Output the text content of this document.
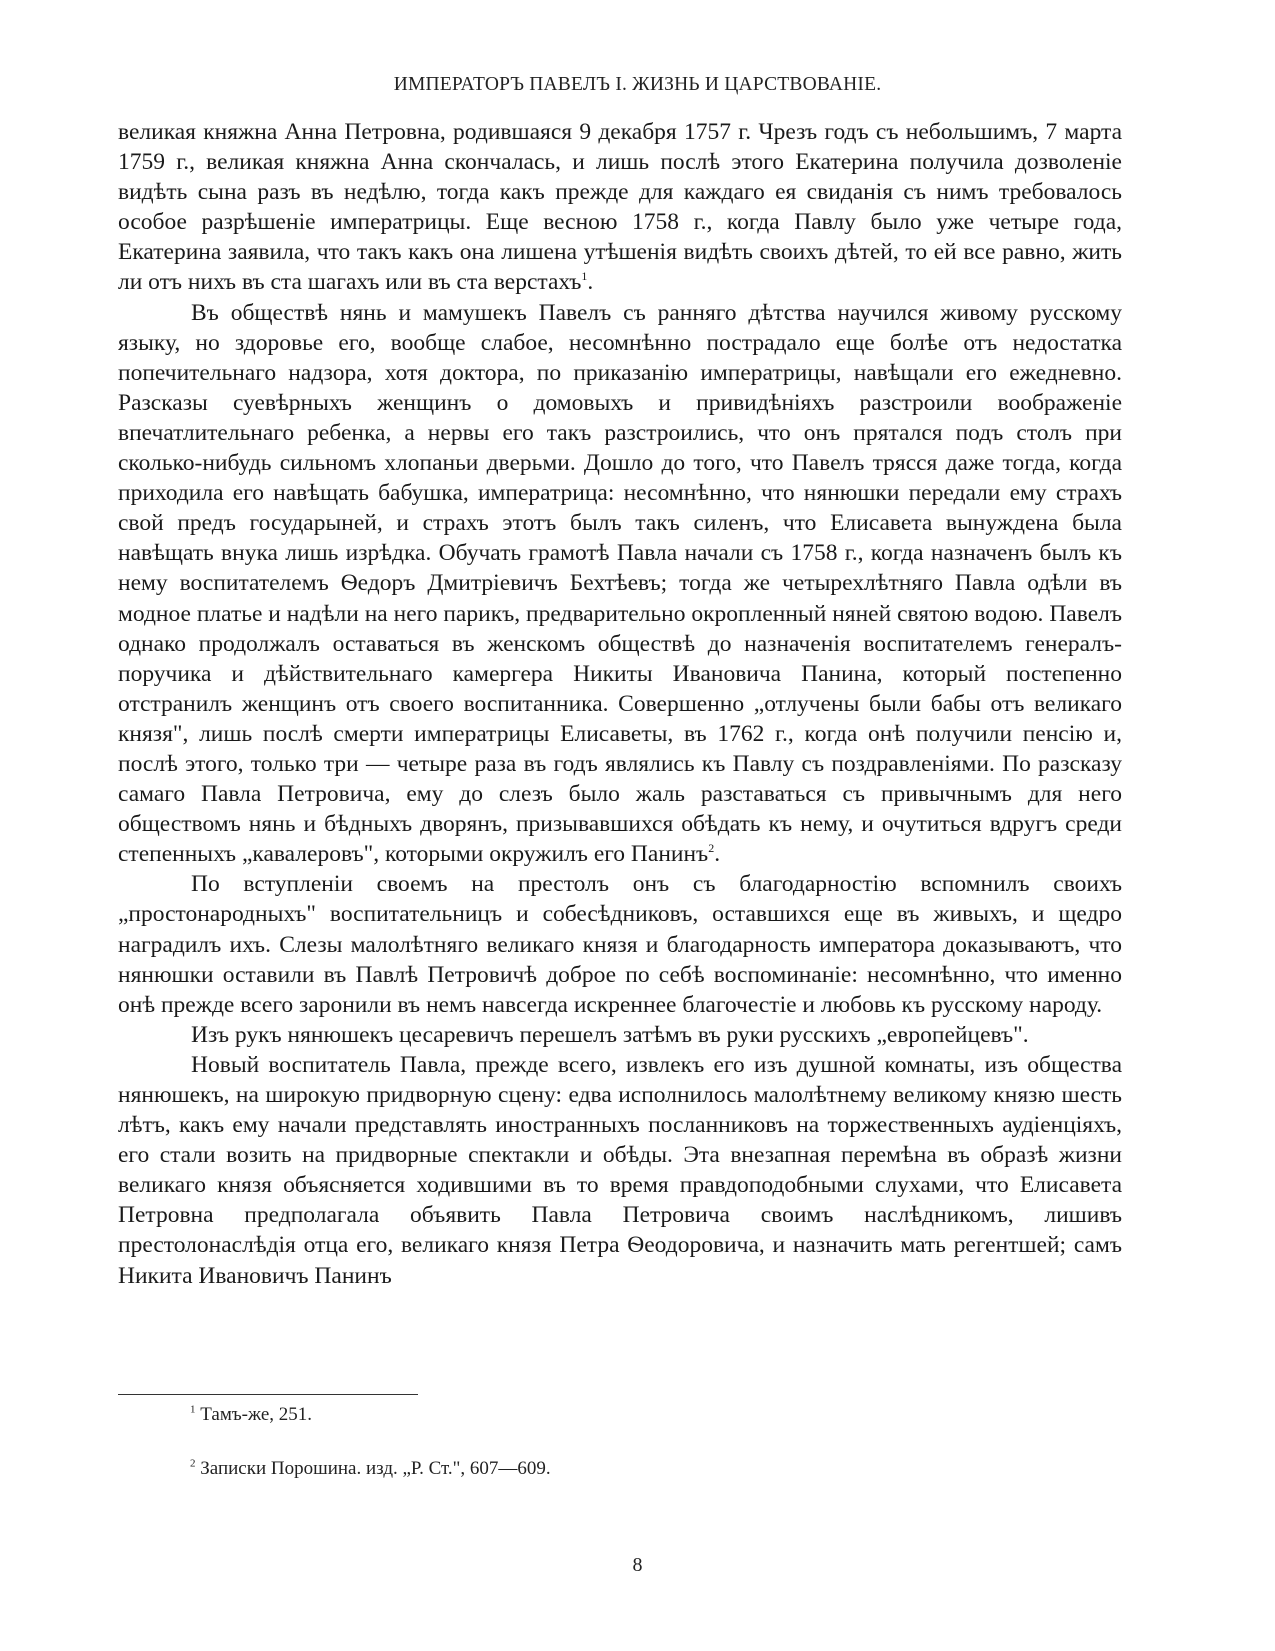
ИМПЕРАТОРЪ ПАВЕЛЪ I. ЖИЗНЬ И ЦАРСТВОВАНІЕ.

великая княжна Анна Петровна, родившаяся 9 декабря 1757 г. Чрезъ годъ съ небольшимъ, 7 марта 1759 г., великая княжна Анна скончалась, и лишь послѣ этого Екатерина получила дозволеніе видѣть сына разъ въ недѣлю, тогда какъ прежде для каждаго ея свиданія съ нимъ требовалось особое разрѣшеніе императрицы. Еще весною 1758 г., когда Павлу было уже четыре года, Екатерина заявила, что такъ какъ она лишена утѣшенія видѣть своихъ дѣтей, то ей все равно, жить ли отъ нихъ въ ста шагахъ или въ ста верстахъ$^1$.

Въ обществѣ нянь и мамушекъ Павелъ съ ранняго дѣтства научился живому русскому языку, но здоровье его, вообще слабое, несомнѣнно пострадало еще болѣе отъ недостатка попечительнаго надзора, хотя доктора, по приказанію императрицы, навѣщали его ежедневно. Разсказы суевѣрныхъ женщинъ о домовыхъ и привидѣніяхъ разстроили воображеніе впечатлительнаго ребенка, а нервы его такъ разстроились, что онъ прятался подъ столъ при сколько-нибудь сильномъ хлопаньи дверьми. Дошло до того, что Павелъ трясся даже тогда, когда приходила его навѣщать бабушка, императрица: несомнѣнно, что нянюшки передали ему страхъ свой предъ государыней, и страхъ этотъ былъ такъ силенъ, что Елисавета вынуждена была навѣщать внука лишь изрѣдка. Обучать грамотѣ Павла начали съ 1758 г., когда назначенъ былъ къ нему воспитателемъ Ѳедоръ Дмитріевичъ Бехтѣевъ; тогда же четырехлѣтняго Павла одѣли въ модное платье и надѣли на него парикъ, предварительно окропленный няней святою водою. Павелъ однако продолжалъ оставаться въ женскомъ обществѣ до назначенія воспитателемъ генералъ-поручика и дѣйствительнаго камергера Никиты Ивановича Панина, который постепенно отстранилъ женщинъ отъ своего воспитанника. Совершенно „отлучены были бабы отъ великаго князя", лишь послѣ смерти императрицы Елисаветы, въ 1762 г., когда онѣ получили пенсію и, послѣ этого, только три — четыре раза въ годъ являлись къ Павлу съ поздравленіями. По разсказу самаго Павла Петровича, ему до слезъ было жаль разставаться съ привычнымъ для него обществомъ нянь и бѣдныхъ дворянъ, призывавшихся обѣдать къ нему, и очутиться вдругъ среди степенныхъ „кавалеровъ", которыми окружилъ его Панинъ$^2$.

По вступленіи своемъ на престолъ онъ съ благодарностію вспомнилъ своихъ „простонародныхъ" воспитательницъ и собесѣдниковъ, оставшихся еще въ живыхъ, и щедро наградилъ ихъ. Слезы малолѣтняго великаго князя и благодарность императора доказываютъ, что нянюшки оставили въ Павлѣ Петровичѣ доброе по себѣ воспоминаніе: несомнѣнно, что именно онѣ прежде всего заронили въ немъ навсегда искреннее благочестіе и любовь къ русскому народу.

Изъ рукъ нянюшекъ цесаревичъ перешелъ затѣмъ въ руки русскихъ „европейцевъ".

Новый воспитатель Павла, прежде всего, извлекъ его изъ душной комнаты, изъ общества нянюшекъ, на широкую придворную сцену: едва исполнилось малолѣтнему великому князю шесть лѣтъ, какъ ему начали представлять иностранныхъ посланниковъ на торжественныхъ аудіенціяхъ, его стали возить на придворные спектакли и обѣды. Эта внезапная перемѣна въ образѣ жизни великаго князя объясняется ходившими въ то время правдоподобными слухами, что Елисавета Петровна предполагала объявить Павла Петровича своимъ наслѣдникомъ, лишивъ престолонаслѣдія отца его, великаго князя Петра Ѳеодоровича, и назначить мать регентшей; самъ Никита Ивановичъ Панинъ

$^1$ Тамъ-же, 251.
$^2$ Записки Порошина. изд. „Р. Ст.", 607—609.
8
